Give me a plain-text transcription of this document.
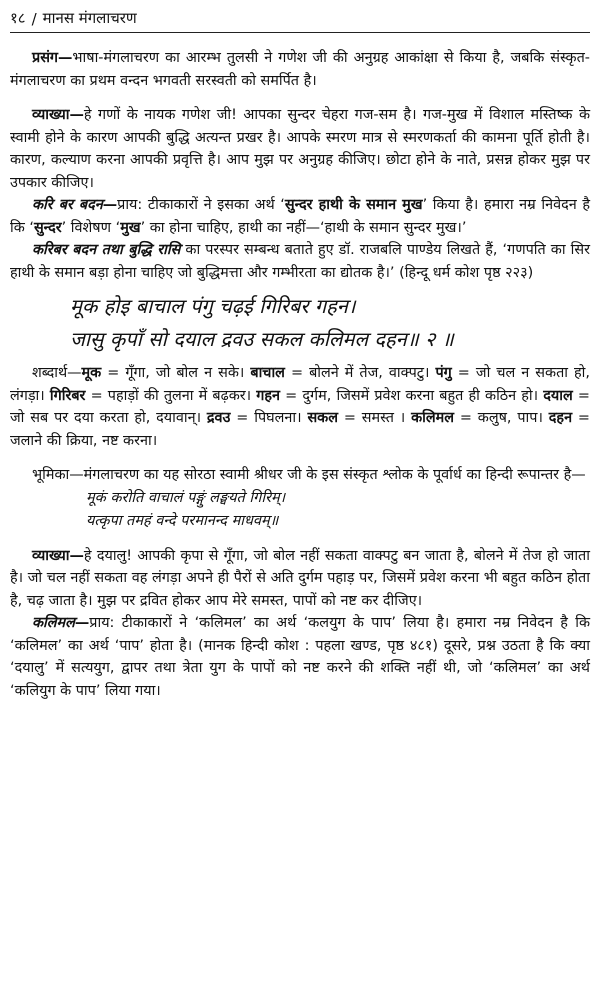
१८ / मानस मंगलाचरण

प्रसंग—भाषा-मंगलाचरण का आरम्भ तुलसी ने गणेश जी की अनुग्रह आकांक्षा से किया है, जबकि संस्कृत-मंगलाचरण का प्रथम वन्दन भगवती सरस्वती को समर्पित है।

व्याख्या—हे गणों के नायक गणेश जी! आपका सुन्दर चेहरा गज-सम है। गज-मुख में विशाल मस्तिष्क के स्वामी होने के कारण आपकी बुद्धि अत्यन्त प्रखर है। आपके स्मरण मात्र से स्मरणकर्ता की कामना पूर्ति होती है। कारण, कल्याण करना आपकी प्रवृत्ति है। आप मुझ पर अनुग्रह कीजिए। छोटा होने के नाते, प्रसन्न होकर मुझ पर उपकार कीजिए।

करि बर बदन—प्राय: टीकाकारों ने इसका अर्थ ‘सुन्दर हाथी के समान मुख’ किया है। हमारा नम्र निवेदन है कि ‘सुन्दर’ विशेषण ‘मुख’ का होना चाहिए, हाथी का नहीं—‘हाथी के समान सुन्दर मुख।’

करिबर बदन तथा बुद्धि रासि का परस्पर सम्बन्ध बताते हुए डॉ. राजबलि पाण्डेय लिखते हैं, ‘गणपति का सिर हाथी के समान बड़ा होना चाहिए जो बुद्धिमत्ता और गम्भीरता का द्योतक है।’ (हिन्दू धर्म कोश पृष्ठ २२३)

मूक होइ बाचाल पंगु चढ़ई गिरिबर गहन।
जासु कृपाँ सो दयाल द्रवउ सकल कलिमल दहन॥ २ ॥

शब्दार्थ—मूक = गूँगा, जो बोल न सके। बाचाल = बोलने में तेज, वाक्पटु। पंगु = जो चल न सकता हो, लंगड़ा। गिरिबर = पहाड़ों की तुलना में बढ़कर। गहन = दुर्गम, जिसमें प्रवेश करना बहुत ही कठिन हो। दयाल = जो सब पर दया करता हो, दयावान्। द्रवउ = पिघलना। सकल = समस्त । कलिमल = कलुष, पाप। दहन = जलाने की क्रिया, नष्ट करना।

भूमिका—मंगलाचरण का यह सोरठा स्वामी श्रीधर जी के इस संस्कृत श्लोक के पूर्वार्ध का हिन्दी रूपान्तर है—

मूकं करोति वाचालं पङ्गुं लङ्घयते गिरिम्।
यत्कृपा तमहं वन्दे परमानन्द माधवम्॥

व्याख्या—हे दयालु! आपकी कृपा से गूँगा, जो बोल नहीं सकता वाक्पटु बन जाता है, बोलने में तेज हो जाता है। जो चल नहीं सकता वह लंगड़ा अपने ही पैरों से अति दुर्गम पहाड़ पर, जिसमें प्रवेश करना भी बहुत कठिन होता है, चढ़ जाता है। मुझ पर द्रवित होकर आप मेरे समस्त, पापों को नष्ट कर दीजिए।

कलिमल—प्राय: टीकाकारों ने ‘कलिमल’ का अर्थ ‘कलयुग के पाप’ लिया है। हमारा नम्र निवेदन है कि ‘कलिमल’ का अर्थ ‘पाप’ होता है। (मानक हिन्दी कोश : पहला खण्ड, पृष्ठ ४८१) दूसरे, प्रश्न उठता है कि क्या ‘दयालु’ में सत्ययुग, द्वापर तथा त्रेता युग के पापों को नष्ट करने की शक्ति नहीं थी, जो ‘कलिमल’ का अर्थ ‘कलियुग के पाप’ लिया गया।
